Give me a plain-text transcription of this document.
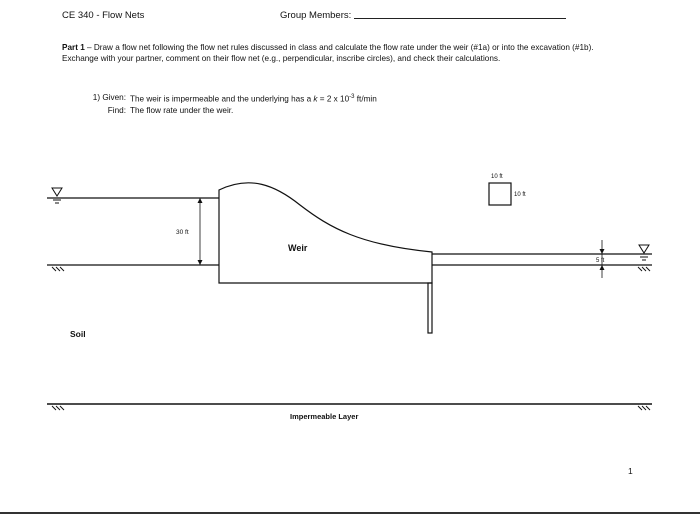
CE 340 - Flow Nets	Group Members:
Part 1 – Draw a flow net following the flow net rules discussed in class and calculate the flow rate under the weir (#1a) or into the excavation (#1b). Exchange with your partner, comment on their flow net (e.g., perpendicular, inscribe circles), and check their calculations.
1) Given: The weir is impermeable and the underlying has a k = 2 x $10^{-3}$ ft/min
Find: The flow rate under the weir.
30 ft
Weir
10 ft
10 ft
5 ft
Soil
Impermeable Layer
1
